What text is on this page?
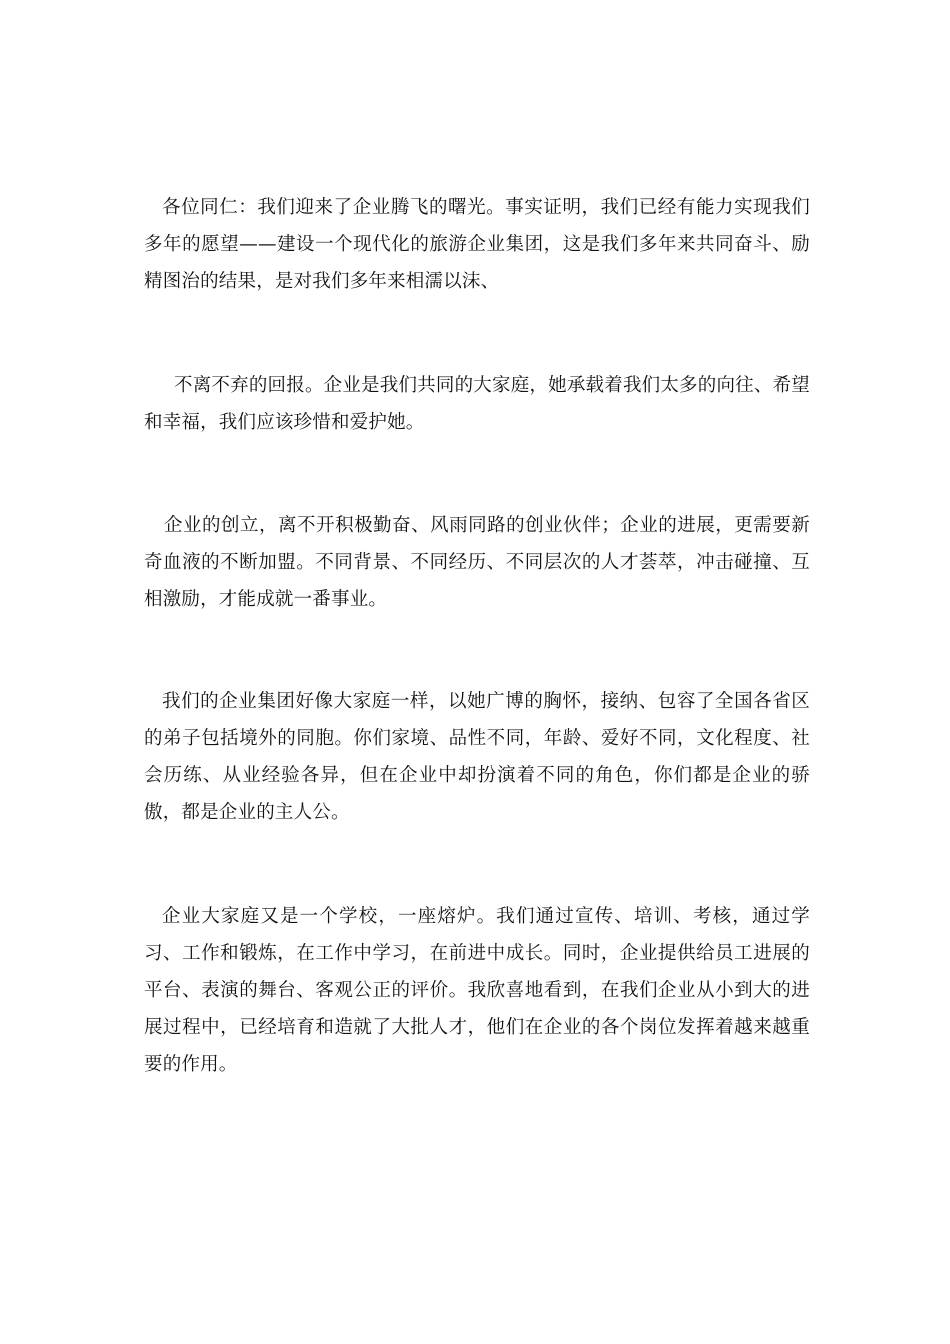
各位同仁：我们迎来了企业腾飞的曙光。事实证明，我们已经有能力实现我们多年的愿望——建设一个现代化的旅游企业集团，这是我们多年来共同奋斗、励精图治的结果，是对我们多年来相濡以沫、

不离不弃的回报。企业是我们共同的大家庭，她承载着我们太多的向往、希望和幸福，我们应该珍惜和爱护她。

企业的创立，离不开积极勤奋、风雨同路的创业伙伴；企业的进展，更需要新奇血液的不断加盟。不同背景、不同经历、不同层次的人才荟萃，冲击碰撞、互相激励，才能成就一番事业。

我们的企业集团好像大家庭一样，以她广博的胸怀，接纳、包容了全国各省区的弟子包括境外的同胞。你们家境、品性不同，年龄、爱好不同，文化程度、社会历练、从业经验各异，但在企业中却扮演着不同的角色，你们都是企业的骄傲，都是企业的主人公。

企业大家庭又是一个学校，一座熔炉。我们通过宣传、培训、考核，通过学习、工作和锻炼，在工作中学习，在前进中成长。同时，企业提供给员工进展的平台、表演的舞台、客观公正的评价。我欣喜地看到，在我们企业从小到大的进展过程中，已经培育和造就了大批人才，他们在企业的各个岗位发挥着越来越重要的作用。
